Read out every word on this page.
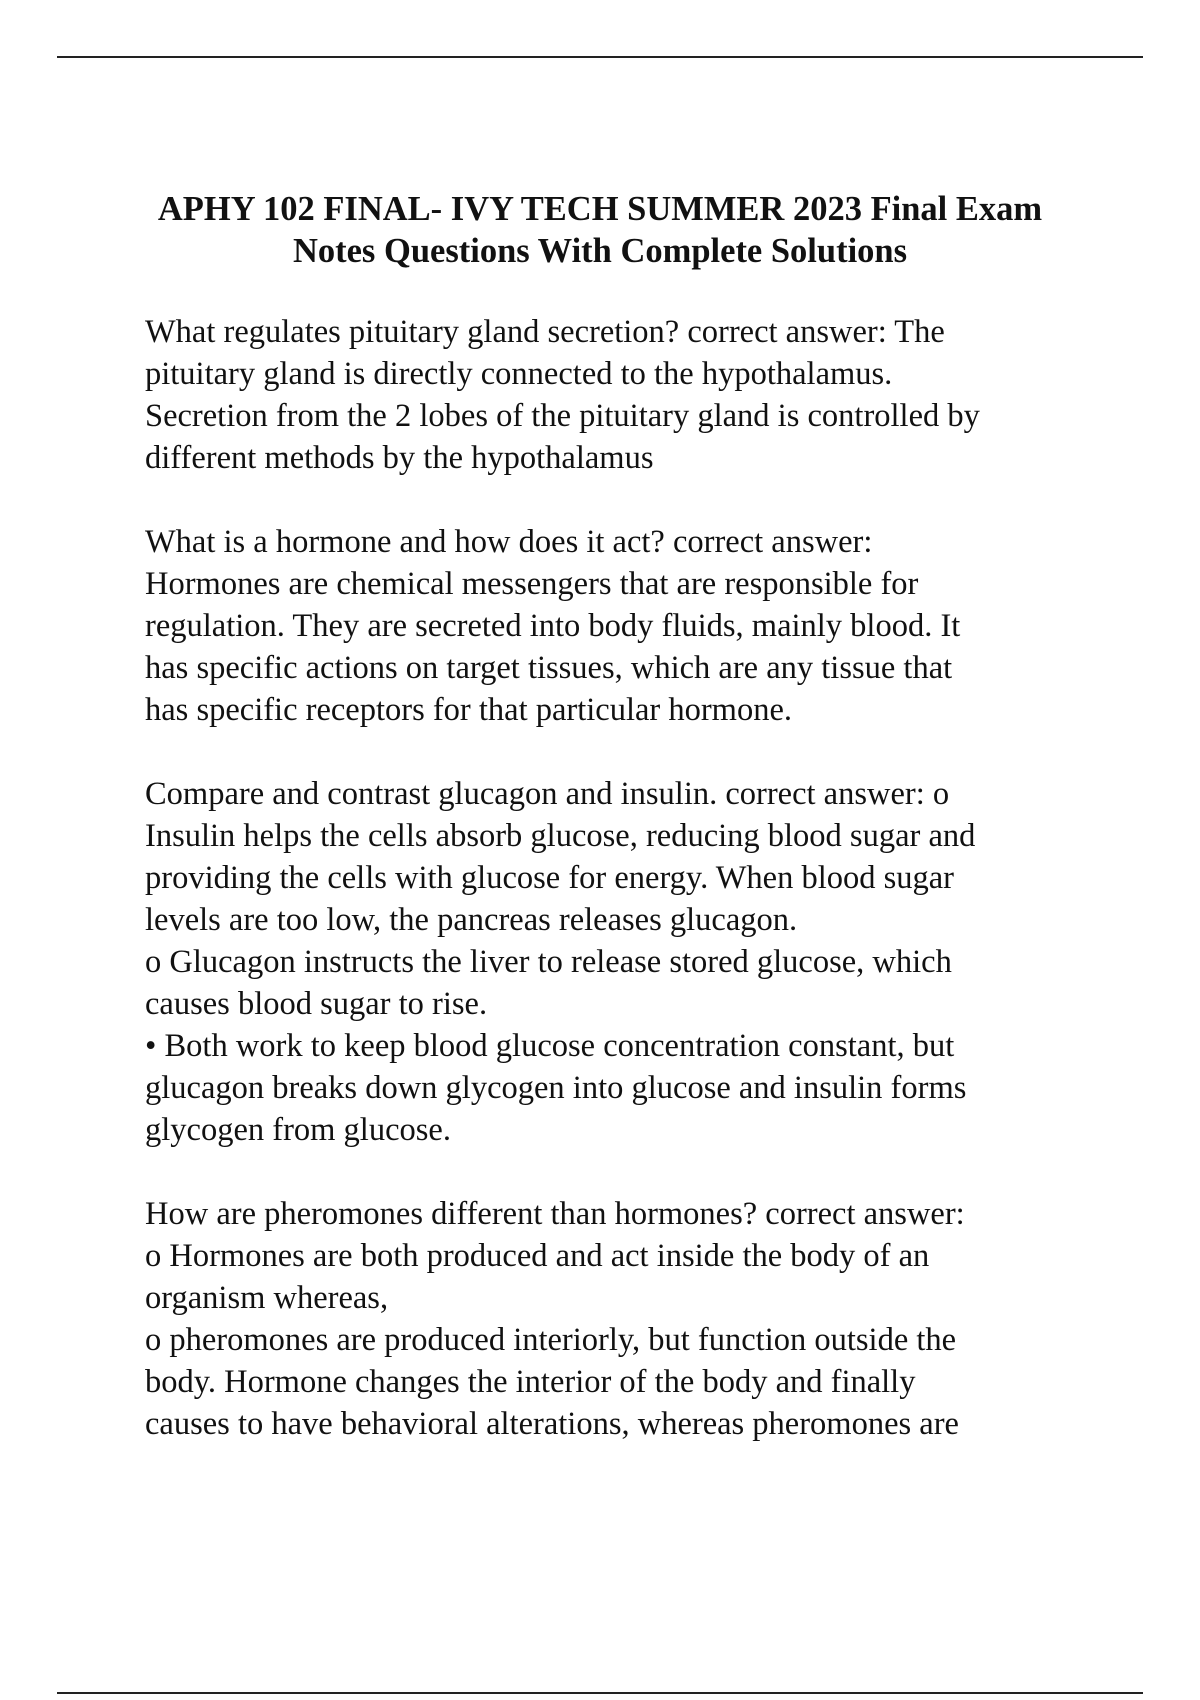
APHY 102 FINAL- IVY TECH SUMMER 2023 Final Exam
Notes Questions With Complete Solutions
What regulates pituitary gland secretion? correct answer: The
pituitary gland is directly connected to the hypothalamus.
Secretion from the 2 lobes of the pituitary gland is controlled by
different methods by the hypothalamus
What is a hormone and how does it act? correct answer:
Hormones are chemical messengers that are responsible for
regulation. They are secreted into body fluids, mainly blood. It
has specific actions on target tissues, which are any tissue that
has specific receptors for that particular hormone.
Compare and contrast glucagon and insulin. correct answer: o
Insulin helps the cells absorb glucose, reducing blood sugar and
providing the cells with glucose for energy. When blood sugar
levels are too low, the pancreas releases glucagon.
o Glucagon instructs the liver to release stored glucose, which
causes blood sugar to rise.
• Both work to keep blood glucose concentration constant, but
glucagon breaks down glycogen into glucose and insulin forms
glycogen from glucose.
How are pheromones different than hormones? correct answer:
o Hormones are both produced and act inside the body of an
organism whereas,
o pheromones are produced interiorly, but function outside the
body. Hormone changes the interior of the body and finally
causes to have behavioral alterations, whereas pheromones are
